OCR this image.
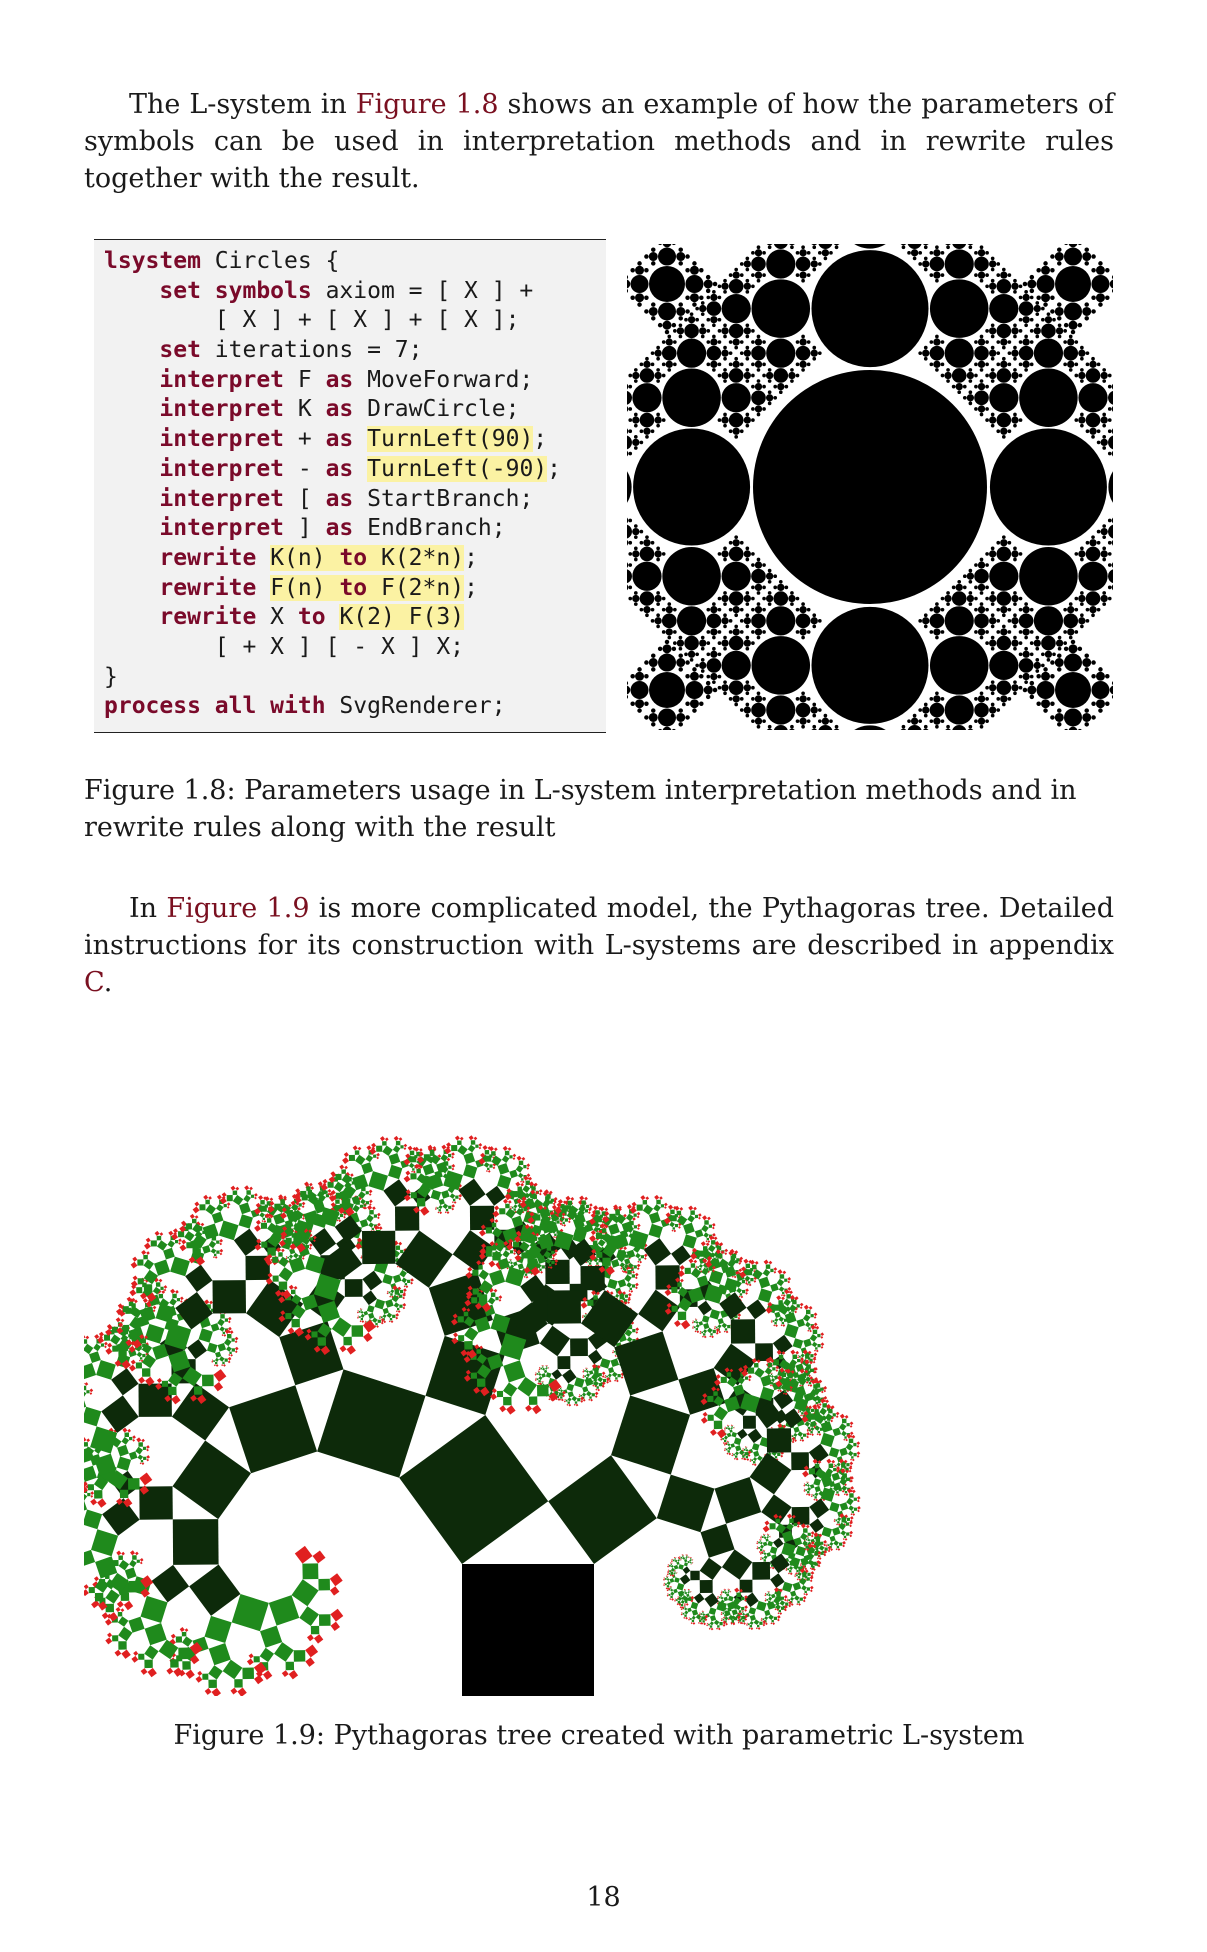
The L-system in Figure 1.8 shows an example of how the parameters of symbols can be used in interpretation methods and in rewrite rules together with the result.

lsystem Circles {
set symbols axiom = [ X ] +
[ X ] + [ X ] + [ X ];
set iterations = 7;
interpret F as MoveForward;
interpret K as DrawCircle;
interpret + as TurnLeft(90);
interpret - as TurnLeft(-90);
interpret [ as StartBranch;
interpret ] as EndBranch;
rewrite K(n) to K(2*n);
rewrite F(n) to F(2*n);
rewrite X to K(2) F(3)
[ + X ] [ - X ] X;
}
process all with SvgRenderer;

Figure 1.8: Parameters usage in L-system interpretation methods and in rewrite rules along with the result

In Figure 1.9 is more complicated model, the Pythagoras tree. Detailed instructions for its construction with L-systems are described in appendix C.

Figure 1.9: Pythagoras tree created with parametric L-system

18
